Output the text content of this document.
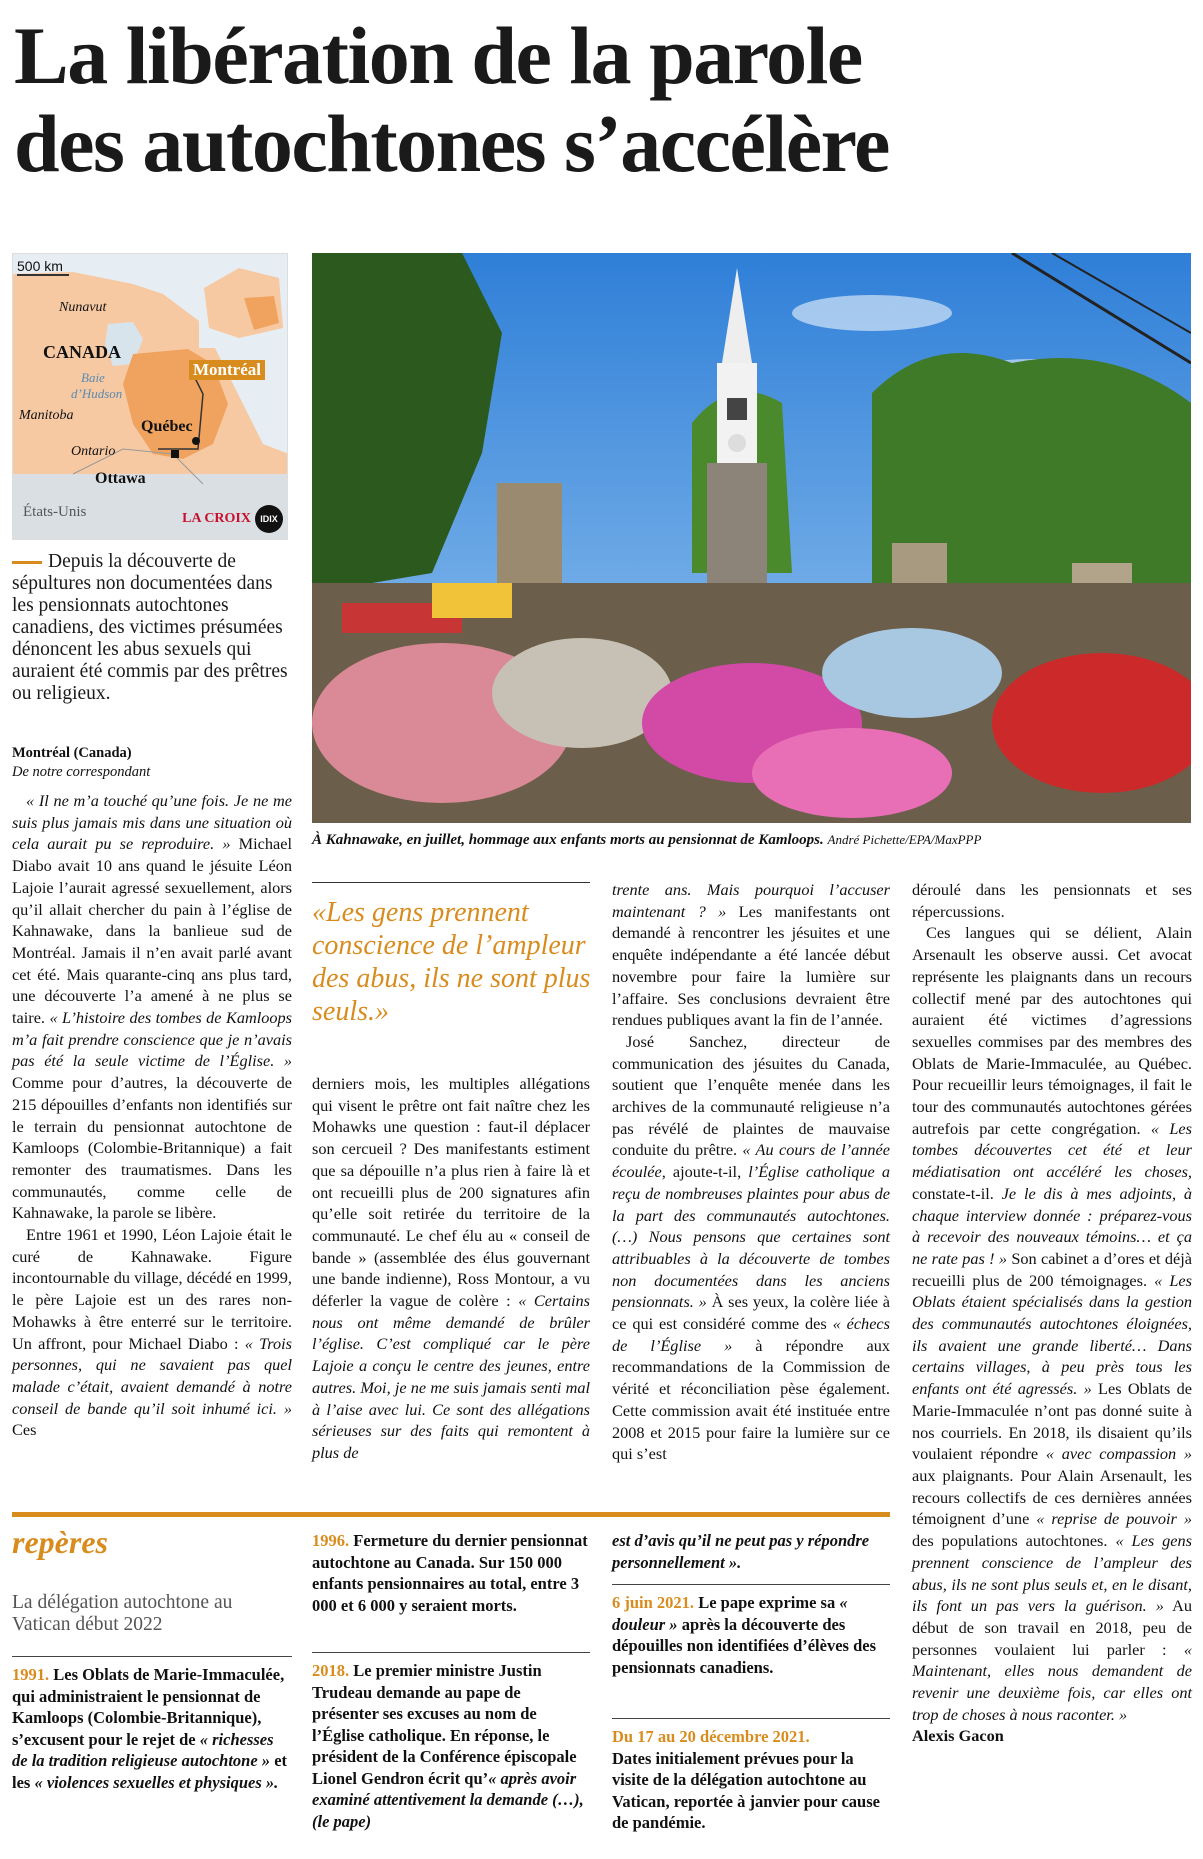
La libération de la parole
des autochtones s’accélère
500 km
Nunavut
CANADA
Montréal
Baie
d’Hudson
Manitoba
Québec
Ontario
Ottawa
États-Unis	LA CROIX IDIX
À Kahnawake, en juillet, hommage aux enfants morts au pensionnat de Kamloops. André Pichette/EPA/MaxPPP
Depuis la découverte de sépultures non documentées dans les pensionnats autochtones canadiens, des victimes présumées dénoncent les abus sexuels qui auraient été commis par des prêtres ou religieux.
Montréal (Canada)
De notre correspondant

« Il ne m’a touché qu’une fois. Je ne me suis plus jamais mis dans une situation où cela aurait pu se reproduire. » Michael Diabo avait 10 ans quand le jésuite Léon Lajoie l’aurait agressé sexuellement, alors qu’il allait chercher du pain à l’église de Kahnawake, dans la banlieue sud de Montréal. Jamais il n’en avait parlé avant cet été. Mais quarante-cinq ans plus tard, une découverte l’a amené à ne plus se taire. « L’histoire des tombes de Kamloops m’a fait prendre conscience que je n’avais pas été la seule victime de l’Église. » Comme pour d’autres, la découverte de 215 dépouilles d’enfants non identifiés sur le terrain du pensionnat autochtone de Kamloops (Colombie-Britannique) a fait remonter des traumatismes. Dans les communautés, comme celle de Kahnawake, la parole se libère.

Entre 1961 et 1990, Léon Lajoie était le curé de Kahnawake. Figure incontournable du village, décédé en 1999, le père Lajoie est un des rares non-Mohawks à être enterré sur le territoire. Un affront, pour Michael Diabo : « Trois personnes, qui ne savaient pas quel malade c’était, avaient demandé à notre conseil de bande qu’il soit inhumé ici. » Ces

«Les gens prennent conscience de l’ampleur des abus, ils ne sont plus seuls.»

derniers mois, les multiples allégations qui visent le prêtre ont fait naître chez les Mohawks une question : faut-il déplacer son cercueil ? Des manifestants estiment que sa dépouille n’a plus rien à faire là et ont recueilli plus de 200 signatures afin qu’elle soit retirée du territoire de la communauté. Le chef élu au « conseil de bande » (assemblée des élus gouvernant une bande indienne), Ross Montour, a vu déferler la vague de colère : « Certains nous ont même demandé de brûler l’église. C’est compliqué car le père Lajoie a conçu le centre des jeunes, entre autres. Moi, je ne me suis jamais senti mal à l’aise avec lui. Ce sont des allégations sérieuses sur des faits qui remontent à plus de

trente ans. Mais pourquoi l’accuser maintenant ? » Les manifestants ont demandé à rencontrer les jésuites et une enquête indépendante a été lancée début novembre pour faire la lumière sur l’affaire. Ses conclusions devraient être rendues publiques avant la fin de l’année.

José Sanchez, directeur de communication des jésuites du Canada, soutient que l’enquête menée dans les archives de la communauté religieuse n’a pas révélé de plaintes de mauvaise conduite du prêtre. « Au cours de l’année écoulée, ajoute-t-il, l’Église catholique a reçu de nombreuses plaintes pour abus de la part des communautés autochtones. (…) Nous pensons que certaines sont attribuables à la découverte de tombes non documentées dans les anciens pensionnats. » À ses yeux, la colère liée à ce qui est considéré comme des « échecs de l’Église » à répondre aux recommandations de la Commission de vérité et réconciliation pèse également. Cette commission avait été instituée entre 2008 et 2015 pour faire la lumière sur ce qui s’est

déroulé dans les pensionnats et ses répercussions.

Ces langues qui se délient, Alain Arsenault les observe aussi. Cet avocat représente les plaignants dans un recours collectif mené par des autochtones qui auraient été victimes d’agressions sexuelles commises par des membres des Oblats de Marie-Immaculée, au Québec. Pour recueillir leurs témoignages, il fait le tour des communautés autochtones gérées autrefois par cette congrégation. « Les tombes découvertes cet été et leur médiatisation ont accéléré les choses, constate-t-il. Je le dis à mes adjoints, à chaque interview donnée : préparez-vous à recevoir des nouveaux témoins… et ça ne rate pas ! » Son cabinet a d’ores et déjà recueilli plus de 200 témoignages. « Les Oblats étaient spécialisés dans la gestion des communautés autochtones éloignées, ils avaient une grande liberté… Dans certains villages, à peu près tous les enfants ont été agressés. » Les Oblats de Marie-Immaculée n’ont pas donné suite à nos courriels. En 2018, ils disaient qu’ils voulaient répondre « avec compassion » aux plaignants. Pour Alain Arsenault, les recours collectifs de ces dernières années témoignent d’une « reprise de pouvoir » des populations autochtones. « Les gens prennent conscience de l’ampleur des abus, ils ne sont plus seuls et, en le disant, ils font un pas vers la guérison. » Au début de son travail en 2018, peu de personnes voulaient lui parler : « Maintenant, elles nous demandent de revenir une deuxième fois, car elles ont trop de choses à nous raconter. »

Alexis Gacon

repères
La délégation autochtone au Vatican début 2022
1991. Les Oblats de Marie-Immaculée, qui administraient le pensionnat de Kamloops (Colombie-Britannique), s’excusent pour le rejet de « richesses de la tradition religieuse autochtone » et les « violences sexuelles et physiques ».
1996. Fermeture du dernier pensionnat autochtone au Canada. Sur 150 000 enfants pensionnaires au total, entre 3 000 et 6 000 y seraient morts.
2018. Le premier ministre Justin Trudeau demande au pape de présenter ses excuses au nom de l’Église catholique. En réponse, le président de la Conférence épiscopale Lionel Gendron écrit qu’« après avoir examiné attentivement la demande (…), (le pape)
est d’avis qu’il ne peut pas y répondre personnellement ».
6 juin 2021. Le pape exprime sa « douleur » après la découverte des dépouilles non identifiées d’élèves des pensionnats canadiens.
Du 17 au 20 décembre 2021.
Dates initialement prévues pour la visite de la délégation autochtone au Vatican, reportée à janvier pour cause de pandémie.
